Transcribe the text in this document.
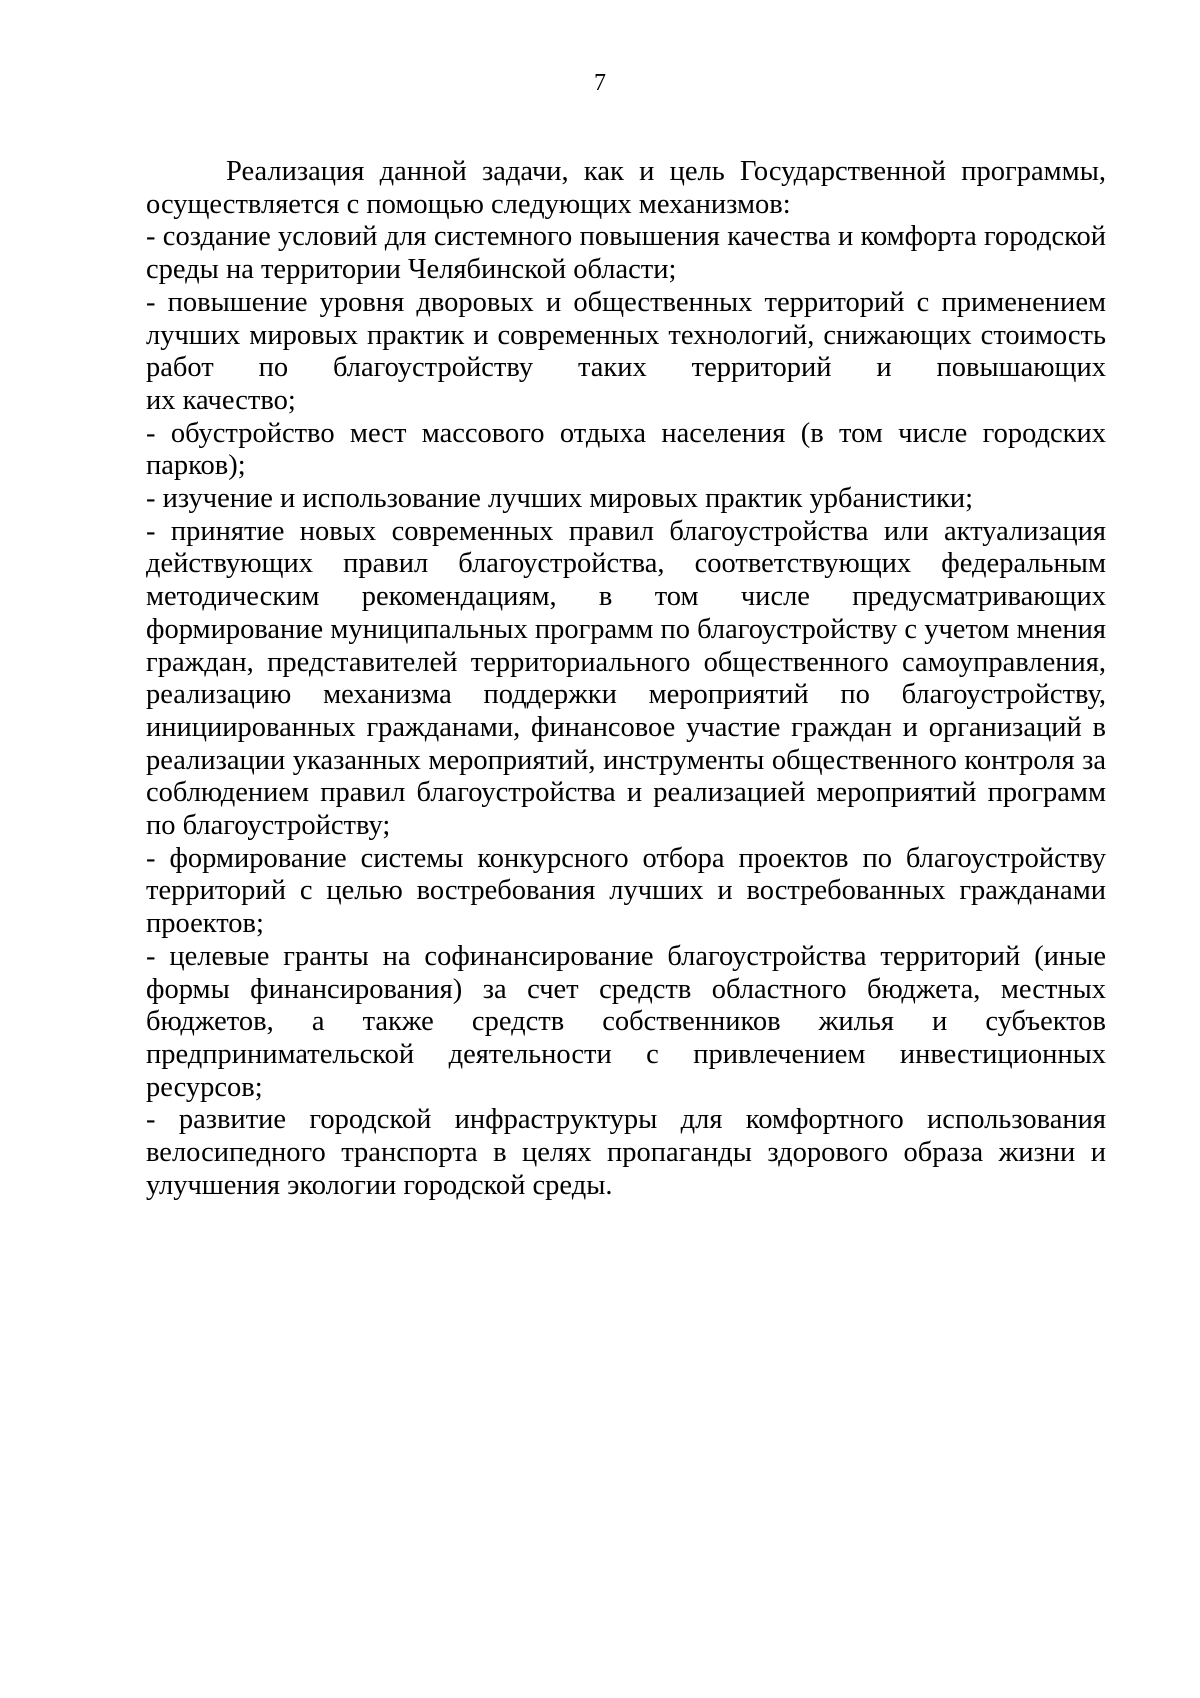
7

Реализация данной задачи, как и цель Государственной программы, осуществляется с помощью следующих механизмов:

- создание условий для системного повышения качества и комфорта городской среды на территории Челябинской области;

- повышение уровня дворовых и общественных территорий с применением лучших мировых практик и современных технологий, снижающих стоимость работ по благоустройству таких территорий и повышающих
их качество;

- обустройство мест массового отдыха населения (в том числе городских парков);

- изучение и использование лучших мировых практик урбанистики;

- принятие новых современных правил благоустройства или актуализация действующих правил благоустройства, соответствующих федеральным методическим рекомендациям, в том числе предусматривающих формирование муниципальных программ по благоустройству с учетом мнения граждан, представителей территориального общественного самоуправления, реализацию механизма поддержки мероприятий по благоустройству, инициированных гражданами, финансовое участие граждан и организаций в реализации указанных мероприятий, инструменты общественного контроля за соблюдением правил благоустройства и реализацией мероприятий программ по благоустройству;

- формирование системы конкурсного отбора проектов по благоустройству территорий с целью востребования лучших и востребованных гражданами проектов;

- целевые гранты на софинансирование благоустройства территорий (иные формы финансирования) за счет средств областного бюджета, местных бюджетов, а также средств собственников жилья и субъектов предпринимательской деятельности с привлечением инвестиционных ресурсов;

- развитие городской инфраструктуры для комфортного использования велосипедного транспорта в целях пропаганды здорового образа жизни и улучшения экологии городской среды.
